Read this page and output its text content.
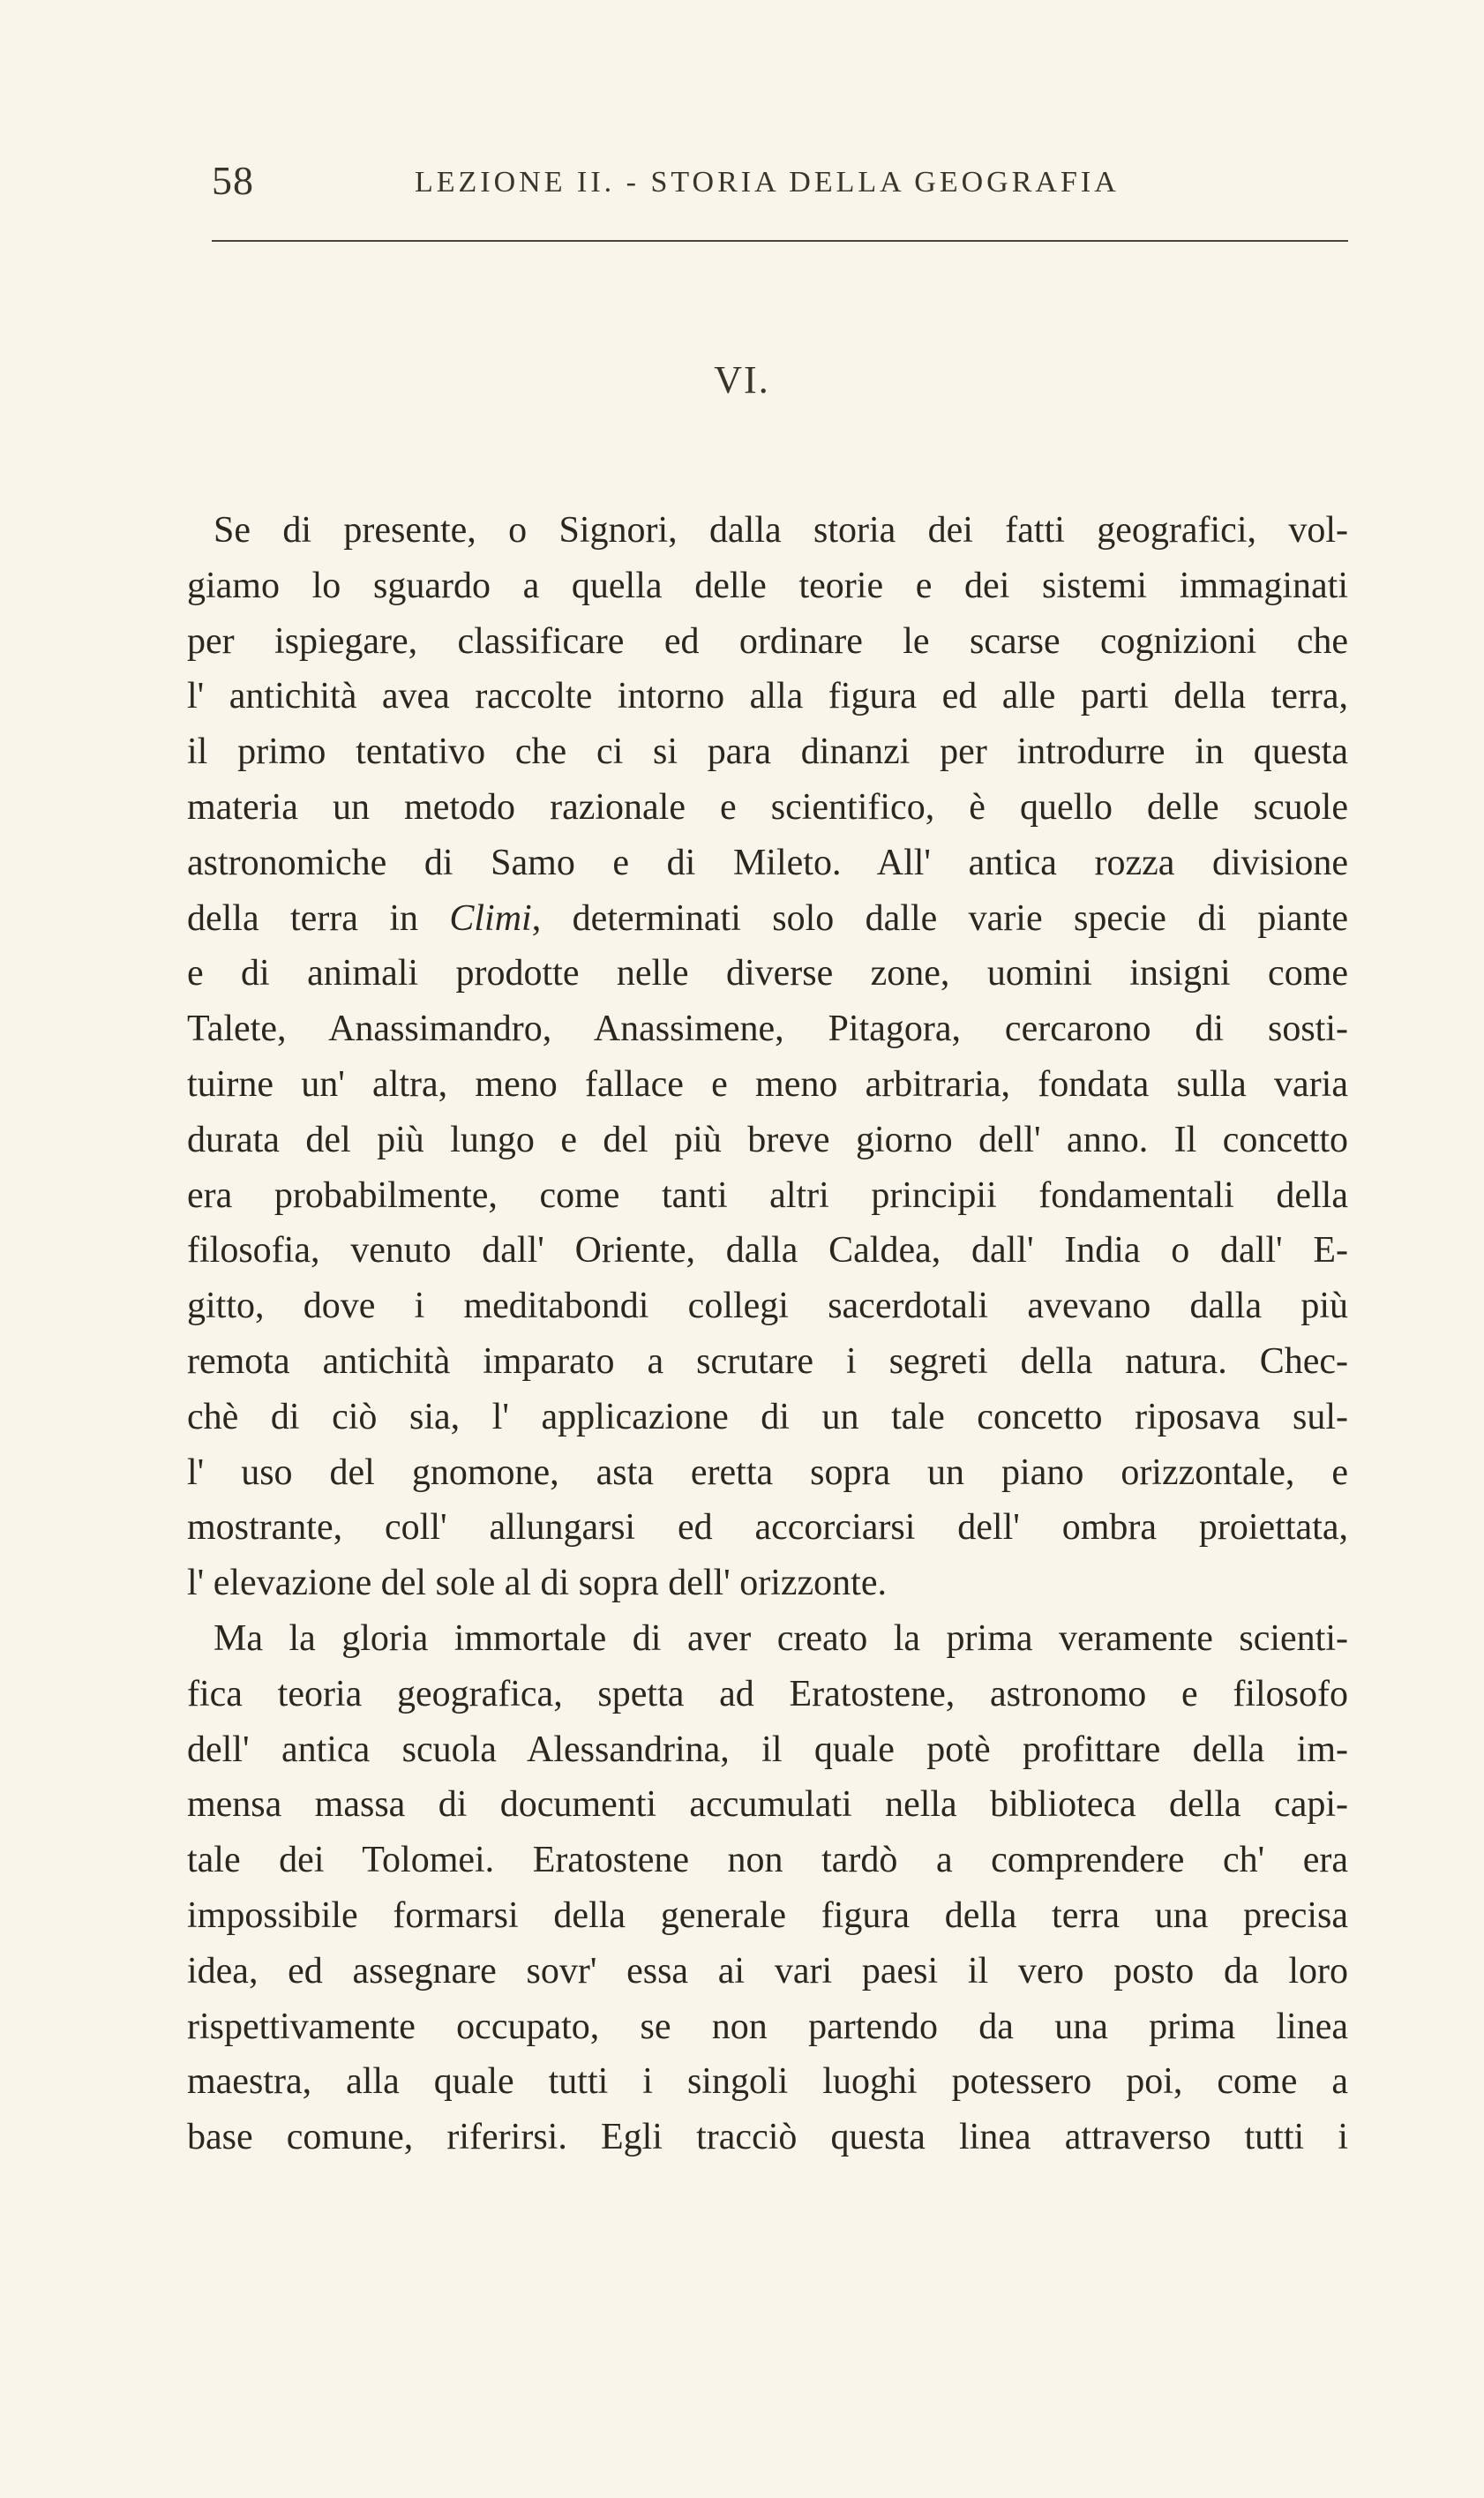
58	LEZIONE II. - STORIA DELLA GEOGRAFIA
VI.
Se di presente, o Signori, dalla storia dei fatti geografici, vol-
giamo lo sguardo a quella delle teorie e dei sistemi immaginati
per ispiegare, classificare ed ordinare le scarse cognizioni che
l' antichità avea raccolte intorno alla figura ed alle parti della terra,
il primo tentativo che ci si para dinanzi per introdurre in questa
materia un metodo razionale e scientifico, è quello delle scuole
astronomiche di Samo e di Mileto. All' antica rozza divisione
della terra in Climi, determinati solo dalle varie specie di piante
e di animali prodotte nelle diverse zone, uomini insigni come
Talete, Anassimandro, Anassimene, Pitagora, cercarono di sosti-
tuirne un' altra, meno fallace e meno arbitraria, fondata sulla varia
durata del più lungo e del più breve giorno dell' anno. Il concetto
era probabilmente, come tanti altri principii fondamentali della
filosofia, venuto dall' Oriente, dalla Caldea, dall' India o dall' E-
gitto, dove i meditabondi collegi sacerdotali avevano dalla più
remota antichità imparato a scrutare i segreti della natura. Chec-
chè di ciò sia, l' applicazione di un tale concetto riposava sul-
l' uso del gnomone, asta eretta sopra un piano orizzontale, e
mostrante, coll' allungarsi ed accorciarsi dell' ombra proiettata,
l' elevazione del sole al di sopra dell' orizzonte.
Ma la gloria immortale di aver creato la prima veramente scienti-
fica teoria geografica, spetta ad Eratostene, astronomo e filosofo
dell' antica scuola Alessandrina, il quale potè profittare della im-
mensa massa di documenti accumulati nella biblioteca della capi-
tale dei Tolomei. Eratostene non tardò a comprendere ch' era
impossibile formarsi della generale figura della terra una precisa
idea, ed assegnare sovr' essa ai vari paesi il vero posto da loro
rispettivamente occupato, se non partendo da una prima linea
maestra, alla quale tutti i singoli luoghi potessero poi, come a
base comune, riferirsi. Egli tracciò questa linea attraverso tutti i
